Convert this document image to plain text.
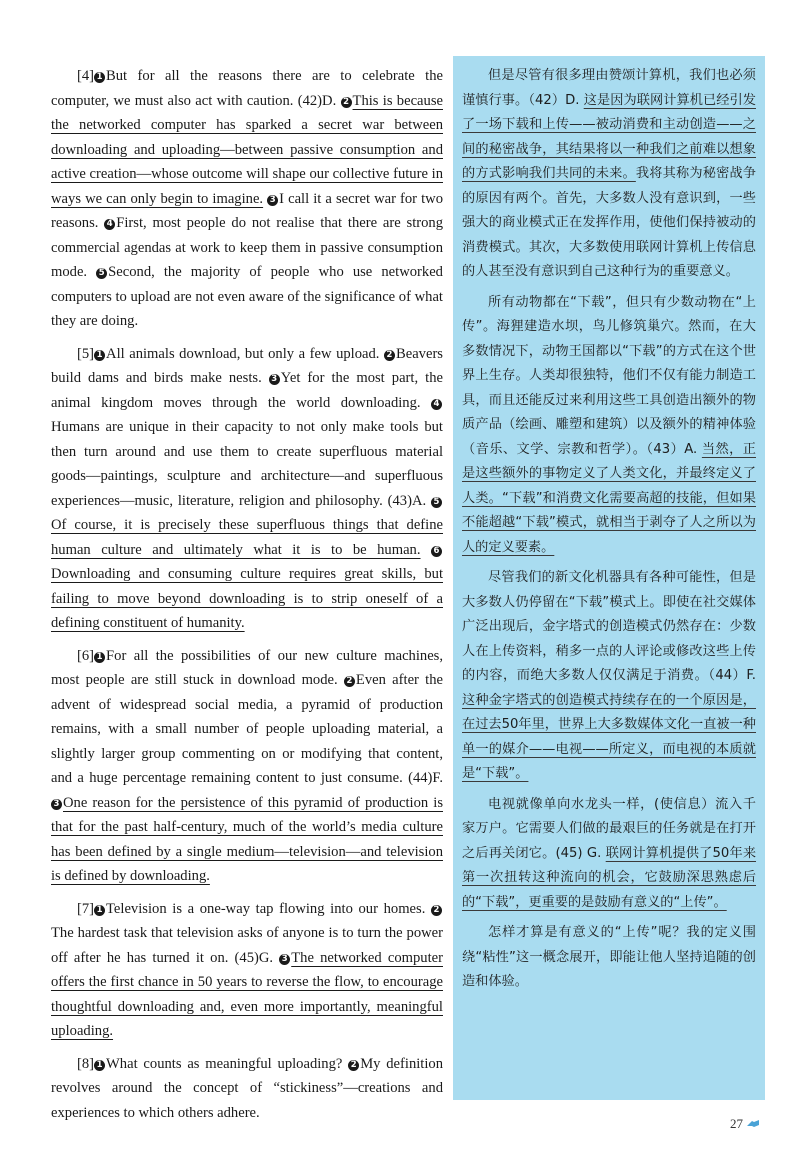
[4] 1 But for all the reasons there are to celebrate the computer, we must also act with caution. (42)D. 2 This is because the networked computer has sparked a secret war between downloading and uploading—between passive consumption and active creation—whose outcome will shape our collective future in ways we can only begin to imagine. 3 I call it a secret war for two reasons. 4 First, most people do not realise that there are strong commercial agendas at work to keep them in passive consumption mode. 5 Second, the majority of people who use networked computers to upload are not even aware of the significance of what they are doing.

[5] 1 All animals download, but only a few upload. 2 Beavers build dams and birds make nests. 3 Yet for the most part, the animal kingdom moves through the world downloading. 4Humans are unique in their capacity to not only make tools but then turn around and use them to create superfluous material goods—paintings, sculpture and architecture—and superfluous experiences—music, literature, religion and philosophy. (43)A. 5Of course, it is precisely these superfluous things that define human culture and ultimately what it is to be human. 6Downloading and consuming culture requires great skills, but failing to move beyond downloading is to strip oneself of a defining constituent of humanity.

[6] 1 For all the possibilities of our new culture machines, most people are still stuck in download mode. 2 Even after the advent of widespread social media, a pyramid of production remains, with a small number of people uploading material, a slightly larger group commenting on or modifying that content, and a huge percentage remaining content to just consume. (44)F. 3 One reason for the persistence of this pyramid of production is that for the past half-century, much of the world’s media culture has been defined by a single medium—television—and television is defined by downloading.

[7] 1 Television is a one-way tap flowing into our homes. 2The hardest task that television asks of anyone is to turn the power off after he has turned it on. (45)G. 3 The networked computer offers the first chance in 50 years to reverse the flow, to encourage thoughtful downloading and, even more importantly, meaningful uploading.

[8] 1 What counts as meaningful uploading? 2 My definition revolves around the concept of “stickiness”—creations and experiences to which others adhere.

但是尽管有很多理由赞颂计算机，我们也必须谨慎行事。（42）D. 这是因为联网计算机已经引发了一场下载和上传——被动消费和主动创造——之间的秘密战争，其结果将以一种我们之前难以想象的方式影响我们共同的未来。我将其称为秘密战争的原因有两个。首先，大多数人没有意识到，一些强大的商业模式正在发挥作用，使他们保持被动的消费模式。其次，大多数使用联网计算机上传信息的人甚至没有意识到自己这种行为的重要意义。

所有动物都在“下载”，但只有少数动物在“上传”。海狸建造水坝，鸟儿修筑巢穴。然而，在大多数情况下，动物王国都以“下载”的方式在这个世界上生存。人类却很独特，他们不仅有能力制造工具，而且还能反过来利用这些工具创造出额外的物质产品（绘画、雕塑和建筑）以及额外的精神体验（音乐、文学、宗教和哲学）。（43）A. 当然，正是这些额外的事物定义了人类文化，并最终定义了人类。“下载”和消费文化需要高超的技能，但如果不能超越“下载”模式，就相当于剥夺了人之所以为人的定义要素。

尽管我们的新文化机器具有各种可能性，但是大多数人仍停留在“下载”模式上。即使在社交媒体广泛出现后，金字塔式的创造模式仍然存在：少数人在上传资料，稍多一点的人评论或修改这些上传的内容，而绝大多数人仅仅满足于消费。（44）F. 这种金字塔式的创造模式持续存在的一个原因是，在过去50年里，世界上大多数媒体文化一直被一种单一的媒介——电视——所定义，而电视的本质就是“下载”。

电视就像单向水龙头一样，(使信息）流入千家万户。它需要人们做的最艰巨的任务就是在打开之后再关闭它。(45) G. 联网计算机提供了50年来第一次扭转这种流向的机会，它鼓励深思熟虑后的“下载”，更重要的是鼓励有意义的“上传”。

怎样才算是有意义的“上传”呢？我的定义围绕“粘性”这一概念展开，即能让他人坚持追随的创造和体验。

27
